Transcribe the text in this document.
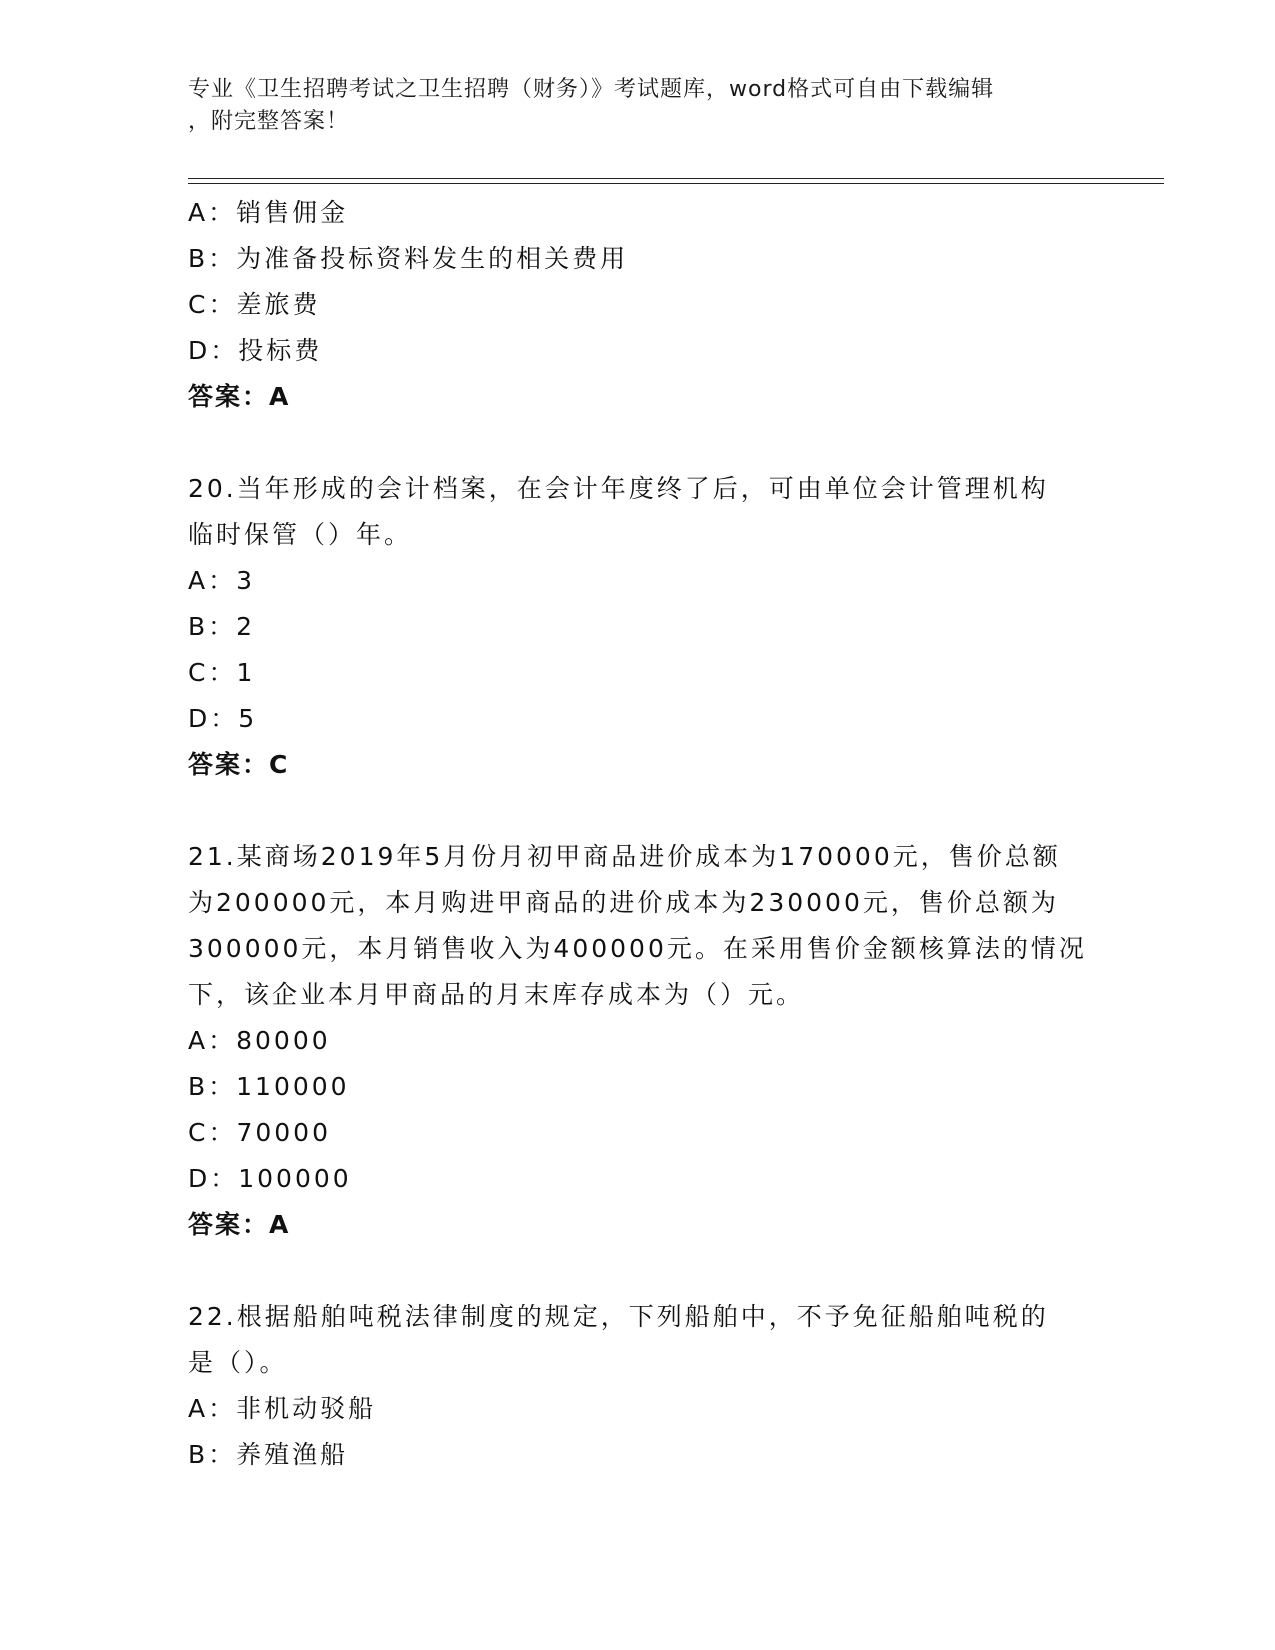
专业《卫生招聘考试之卫生招聘（财务）》考试题库，word格式可自由下载编辑
，附完整答案！
A：销售佣金
B：为准备投标资料发生的相关费用
C：差旅费
D：投标费
答案：A
20.当年形成的会计档案，在会计年度终了后，可由单位会计管理机构
临时保管（）年。
A：3
B：2
C：1
D：5
答案：C
21.某商场2019年5月份月初甲商品进价成本为170000元，售价总额
为200000元，本月购进甲商品的进价成本为230000元，售价总额为
300000元，本月销售收入为400000元。在采用售价金额核算法的情况
下，该企业本月甲商品的月末库存成本为（）元。
A：80000
B：110000
C：70000
D：100000
答案：A
22.根据船舶吨税法律制度的规定，下列船舶中，不予免征船舶吨税的
是（）。
A：非机动驳船
B：养殖渔船
